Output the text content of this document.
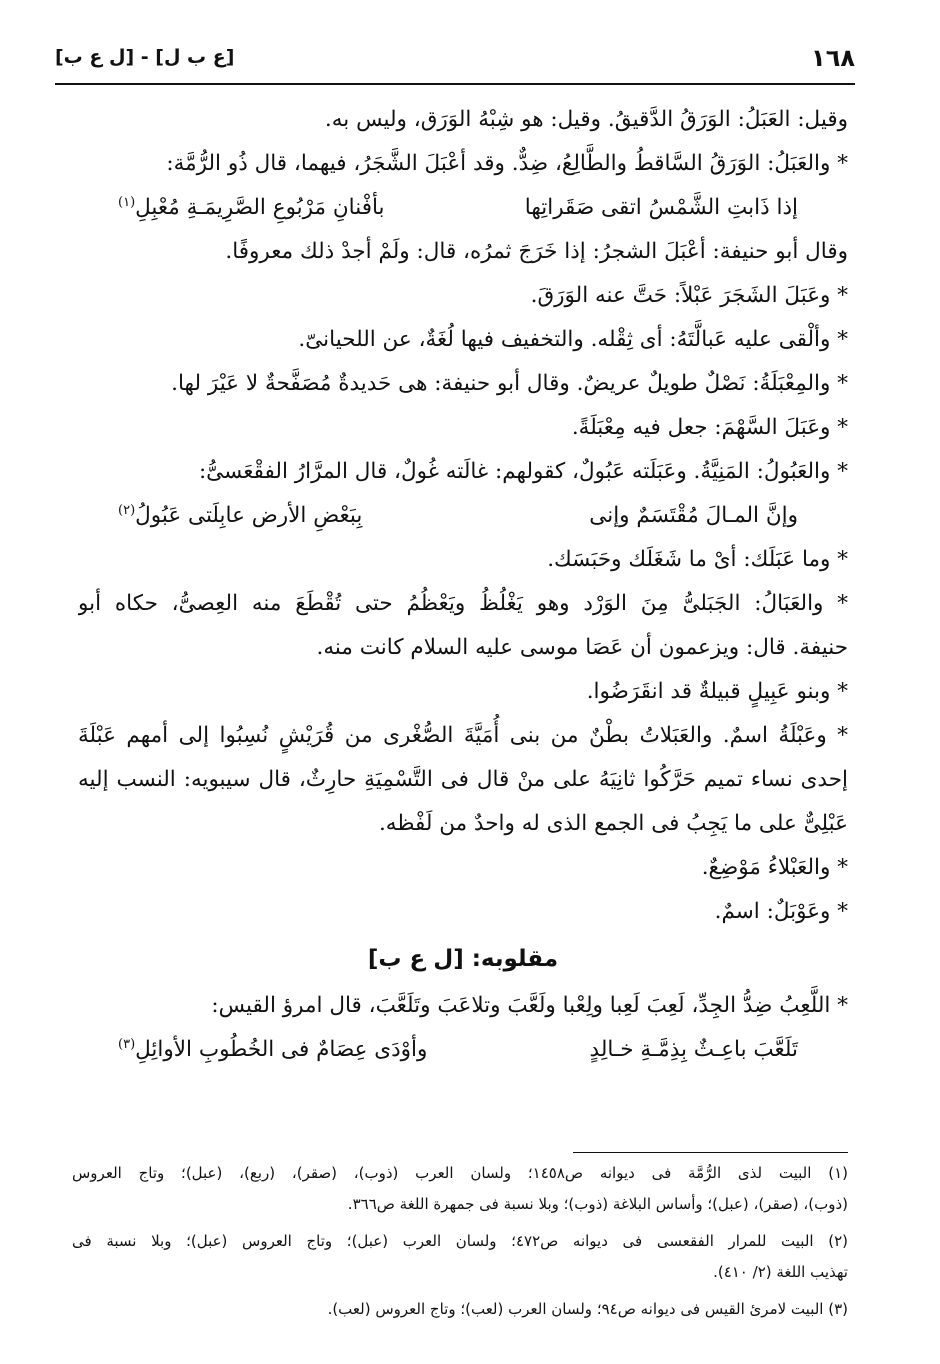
١٦٨
[ع ب ل] - [ل ع ب]
وقيل: العَبَلُ: الوَرَقُ الدَّقيقُ. وقيل: هو شِبْهُ الوَرَق، وليس به.
* والعَبَلُ: الوَرَقُ السَّاقطُ والطَّالِعُ، ضِدٌّ. وقد أعْبَلَ الشَّجَرُ، فيهما، قال ذُو الرُّمَّة:
إذا ذَابتِ الشَّمْسُ اتقى صَقَراتِها
بأفْنانِ مَرْبُوعِ الصَّرِيمَـةِ مُعْبِلِ$^{(١)}$
وقال أبو حنيفة: أعْبَلَ الشجرُ: إذا خَرَجَ ثمرُه، قال: ولَمْ أجدْ ذلك معروفًا.
* وعَبَلَ الشَجَرَ عَبْلاً: حَتَّ عنه الوَرَقَ.
* وألْقى عليه عَبالَّتَهُ: أى ثِقْله. والتخفيف فيها لُغَةٌ، عن اللحيانىّ.
* والمِعْبَلَةُ: نَصْلٌ طويلٌ عريضٌ. وقال أبو حنيفة: هى حَديدةٌ مُصَفَّحةٌ لا عَيْرَ لها.
* وعَبَلَ السَّهْمَ: جعل فيه مِعْبَلَةً.
* والعَبُولُ: المَنِيَّةُ. وعَبَلَته عَبُولٌ، كقولهم: غالَته غُولٌ، قال المرَّارُ الفقْعَسىُّ:
وإنَّ المـالَ مُقْتَسَمٌ وإنى
بِبَعْضِ الأرض عابِلَتى عَبُولُ$^{(٢)}$
* وما عَبَلَك: أىْ ما شَغَلَك وحَبَسَك.
* والعَبَالُ: الجَبَلىُّ مِنَ الوَرْد وهو يَغْلُظُ ويَعْظُمُ حتى تُقْطَعَ منه العِصىُّ، حكاه أبو
حنيفة. قال: ويزعمون أن عَصَا موسى عليه السلام كانت منه.
* وبنو عَبِيلٍ قبيلةٌ قد انقَرَضُوا.
* وعَبْلَةُ اسمٌ. والعَبَلاتُ بطْنٌ من بنى أُمَيَّةَ الصُّغْرى من قُرَيْشٍ نُسِبُوا إلى أمهم عَبْلَةَ
إحدى نساء تميم حَرَّكُوا ثانِيَهُ على منْ قال فى التَّسْمِيَةِ حارِثٌ، قال سيبويه: النسب إليه
عَبْلِىٌّ على ما يَجِبُ فى الجمع الذى له واحدٌ من لَفْظه.
* والعَبْلاءُ مَوْضِعٌ.
* وعَوْبَلٌ: اسمٌ.
مقلوبه: [ل ع ب]
* اللَّعِبُ ضِدُّ الجِدِّ، لَعِبَ لَعِبا ولِعْبا ولَعَّبَ وتلاعَبَ وتَلَعَّبَ، قال امرؤ القيس:
تَلَعَّبَ باعِـثٌ بِذِمَّـةِ خـالِدٍ
وأوْدَى عِصَامٌ فى الخُطُوبِ الأوائِلِ$^{(٣)}$
(١) البيت لذى الرُّمَّة فى ديوانه ص١٤٥٨؛ ولسان العرب (ذوب)، (صقر)، (ربع)، (عبل)؛ وتاج العروس
(ذوب)، (صقر)، (عبل)؛ وأساس البلاغة (ذوب)؛ وبلا نسبة فى جمهرة اللغة ص٣٦٦.
(٢) البيت للمرار الفقعسى فى ديوانه ص٤٧٢؛ ولسان العرب (عبل)؛ وتاج العروس (عبل)؛ وبلا نسبة فى
تهذيب اللغة (٢/ ٤١٠).
(٣) البيت لامرئ القيس فى ديوانه ص٩٤؛ ولسان العرب (لعب)؛ وتاج العروس (لعب).
